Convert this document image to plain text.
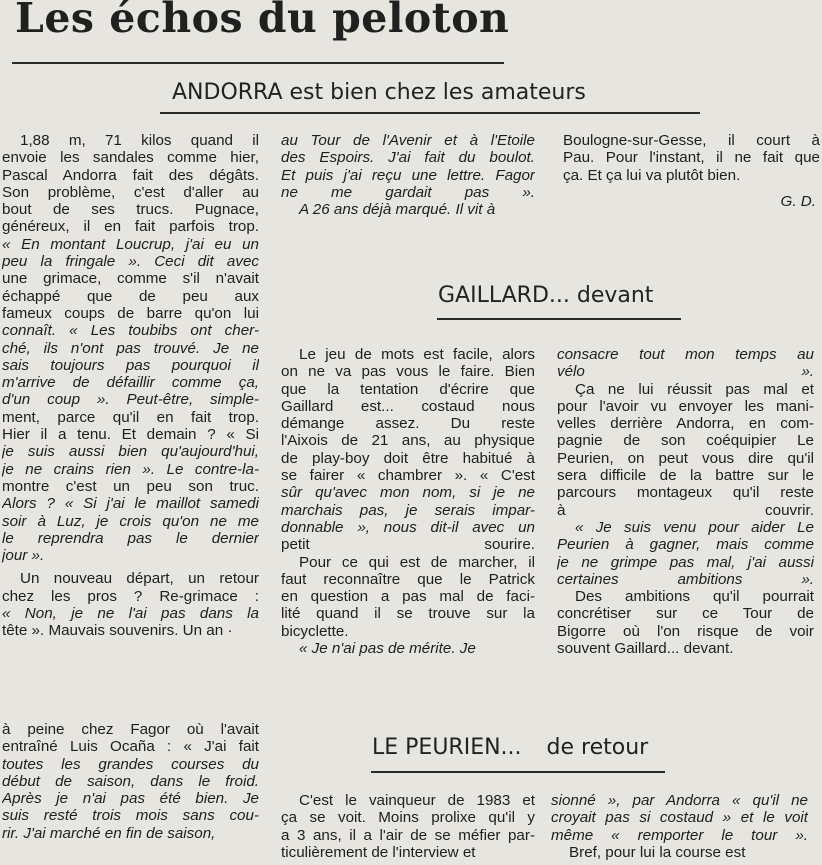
Les échos du peloton
ANDORRA est bien chez les amateurs
1,88 m, 71 kilos quand il
envoie les sandales comme hier,
Pascal Andorra fait des dégâts.
Son problème, c'est d'aller au
bout de ses trucs. Pugnace,
généreux, il en fait parfois trop.
« En montant Loucrup, j'ai eu un
peu la fringale ». Ceci dit avec
une grimace, comme s'il n'avait
échappé que de peu aux
fameux coups de barre qu'on lui
connaît. « Les toubibs ont cher-
ché, ils n'ont pas trouvé. Je ne
sais toujours pas pourquoi il
m'arrive de défaillir comme ça,
d'un coup ». Peut-être, simple-
ment, parce qu'il en fait trop.
Hier il a tenu. Et demain ? « Si
je suis aussi bien qu'aujourd'hui,
je ne crains rien ». Le contre-la-
montre c'est un peu son truc.
Alors ? « Si j'ai le maillot samedi
soir à Luz, je crois qu'on ne me
le reprendra pas le dernier
jour ».
Un nouveau départ, un retour
chez les pros ? Re-grimace :
« Non, je ne l'ai pas dans la
tête ». Mauvais souvenirs. Un an ·
au Tour de l'Avenir et à l'Etoile
des Espoirs. J'ai fait du boulot.
Et puis j'ai reçu une lettre. Fagor
ne me gardait pas ».
A 26 ans déjà marqué. Il vit à
Boulogne-sur-Gesse, il court à
Pau. Pour l'instant, il ne fait que
ça. Et ça lui va plutôt bien.
G. D.
GAILLARD... devant
Le jeu de mots est facile, alors
on ne va pas vous le faire. Bien
que la tentation d'écrire que
Gaillard est... costaud nous
démange assez. Du reste
l'Aixois de 21 ans, au physique
de play-boy doit être habitué à
se fairer « chambrer ». « C'est
sûr qu'avec mon nom, si je ne
marchais pas, je serais impar-
donnable », nous dit-il avec un
petit sourire.
Pour ce qui est de marcher, il
faut reconnaître que le Patrick
en question a pas mal de faci-
lité quand il se trouve sur la
bicyclette.
« Je n'ai pas de mérite. Je
consacre tout mon temps au
vélo ».
Ça ne lui réussit pas mal et
pour l'avoir vu envoyer les mani-
velles derrière Andorra, en com-
pagnie de son coéquipier Le
Peurien, on peut vous dire qu'il
sera difficile de la battre sur le
parcours montageux qu'il reste
à couvrir.
« Je suis venu pour aider Le
Peurien à gagner, mais comme
je ne grimpe pas mal, j'ai aussi
certaines ambitions ».
Des ambitions qu'il pourrait
concrétiser sur ce Tour de
Bigorre où l'on risque de voir
souvent Gaillard... devant.
à peine chez Fagor où l'avait
entraîné Luis Ocaña : « J'ai fait
toutes les grandes courses du
début de saison, dans le froid.
Après je n'ai pas été bien. Je
suis resté trois mois sans cou-
rir. J'ai marché en fin de saison,
LE PEURIEN... de retour
C'est le vainqueur de 1983 et
ça se voit. Moins prolixe qu'il y
a 3 ans, il a l'air de se méfier par-
ticulièrement de l'interview et
sionné », par Andorra « qu'il ne
croyait pas si costaud » et le voit
même « remporter le tour ».
Bref, pour lui la course est
